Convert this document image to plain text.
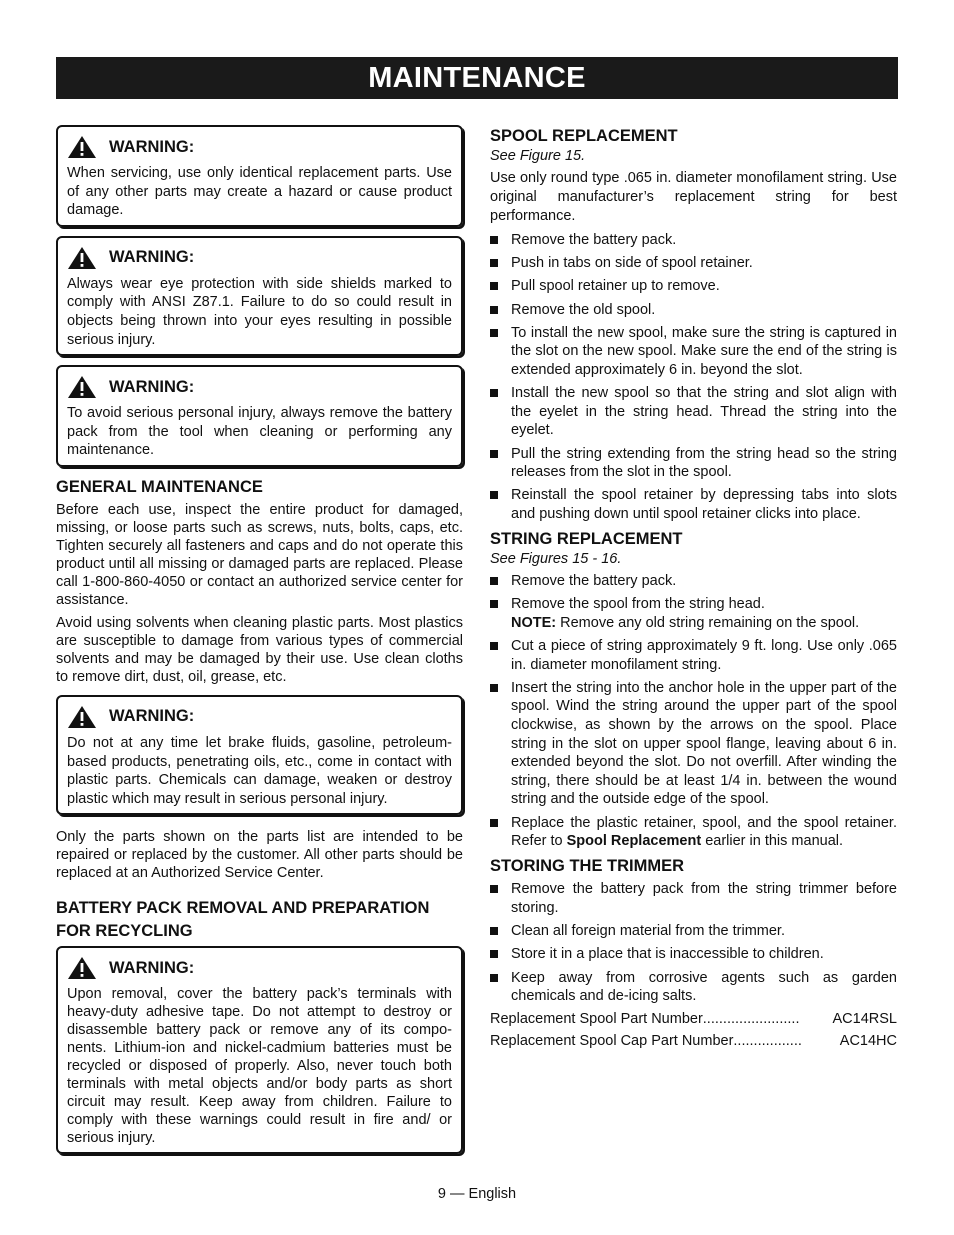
MAINTENANCE
WARNING:
When servicing, use only identical replacement parts. Use of any other parts may create a hazard or cause product damage.
WARNING:
Always wear eye protection with side shields marked to comply with ANSI Z87.1. Failure to do so could result in objects being thrown into your eyes resulting in possible serious injury.
WARNING:
To avoid serious personal injury, always remove the battery pack from the tool when cleaning or performing any maintenance.
GENERAL MAINTENANCE

Before each use, inspect the entire product for damaged, missing, or loose parts such as screws, nuts, bolts, caps, etc. Tighten securely all fasteners and caps and do not operate this product until all missing or damaged parts are replaced. Please call 1-800-860-4050 or contact an authorized service center for assistance.

Avoid using solvents when cleaning plastic parts. Most plastics are susceptible to damage from various types of commercial solvents and may be damaged by their use. Use clean cloths to remove dirt, dust, oil, grease, etc.

WARNING:
Do not at any time let brake fluids, gasoline, petroleum-based products, penetrating oils, etc., come in contact with plastic parts. Chemicals can damage, weaken or destroy plastic which may result in serious personal injury.

Only the parts shown on the parts list are intended to be repaired or replaced by the customer. All other parts should be replaced at an Authorized Service Center.

BATTERY PACK REMOVAL AND PREPARATION FOR RECYCLING
WARNING:
Upon removal, cover the battery pack’s terminals with heavy-duty adhesive tape. Do not attempt to destroy or disassemble battery pack or remove any of its compo-nents. Lithium-ion and nickel-cadmium batteries must be recycled or disposed of properly. Also, never touch both terminals with metal objects and/or body parts as short circuit may result. Keep away from children. Failure to comply with these warnings could result in fire and/ or serious injury.
SPOOL REPLACEMENT
See Figure 15.

Use only round type .065 in. diameter monofilament string. Use original manufacturer’s replacement string for best performance.

Remove the battery pack.
Push in tabs on side of spool retainer.
Pull spool retainer up to remove.
Remove the old spool.
To install the new spool, make sure the string is captured in the slot on the new spool. Make sure the end of the string is extended approximately 6 in. beyond the slot.
Install the new spool so that the string and slot align with the eyelet in the string head. Thread the string into the eyelet.
Pull the string extending from the string head so the string releases from the slot in the spool.
Reinstall the spool retainer by depressing tabs into slots and pushing down until spool retainer clicks into place.
STRING REPLACEMENT
See Figures 15 - 16.
Remove the battery pack.
Remove the spool from the string head.
NOTE: Remove any old string remaining on the spool.
Cut a piece of string approximately 9 ft. long. Use only .065 in. diameter monofilament string.
Insert the string into the anchor hole in the upper part of the spool. Wind the string around the upper part of the spool clockwise, as shown by the arrows on the spool. Place string in the slot on upper spool flange, leaving about 6 in. extended beyond the slot. Do not overfill. After winding the string, there should be at least 1/4 in. between the wound string and the outside edge of the spool.
Replace the plastic retainer, spool, and the spool retainer. Refer to Spool Replacement earlier in this manual.
STORING THE TRIMMER
Remove the battery pack from the string trimmer before storing.
Clean all foreign material from the trimmer.
Store it in a place that is inaccessible to children.
Keep away from corrosive agents such as garden chemicals and de-icing salts.
Replacement Spool Part Number ........................	AC14RSL
Replacement Spool Cap Part Number .................	AC14HC
9 — English
